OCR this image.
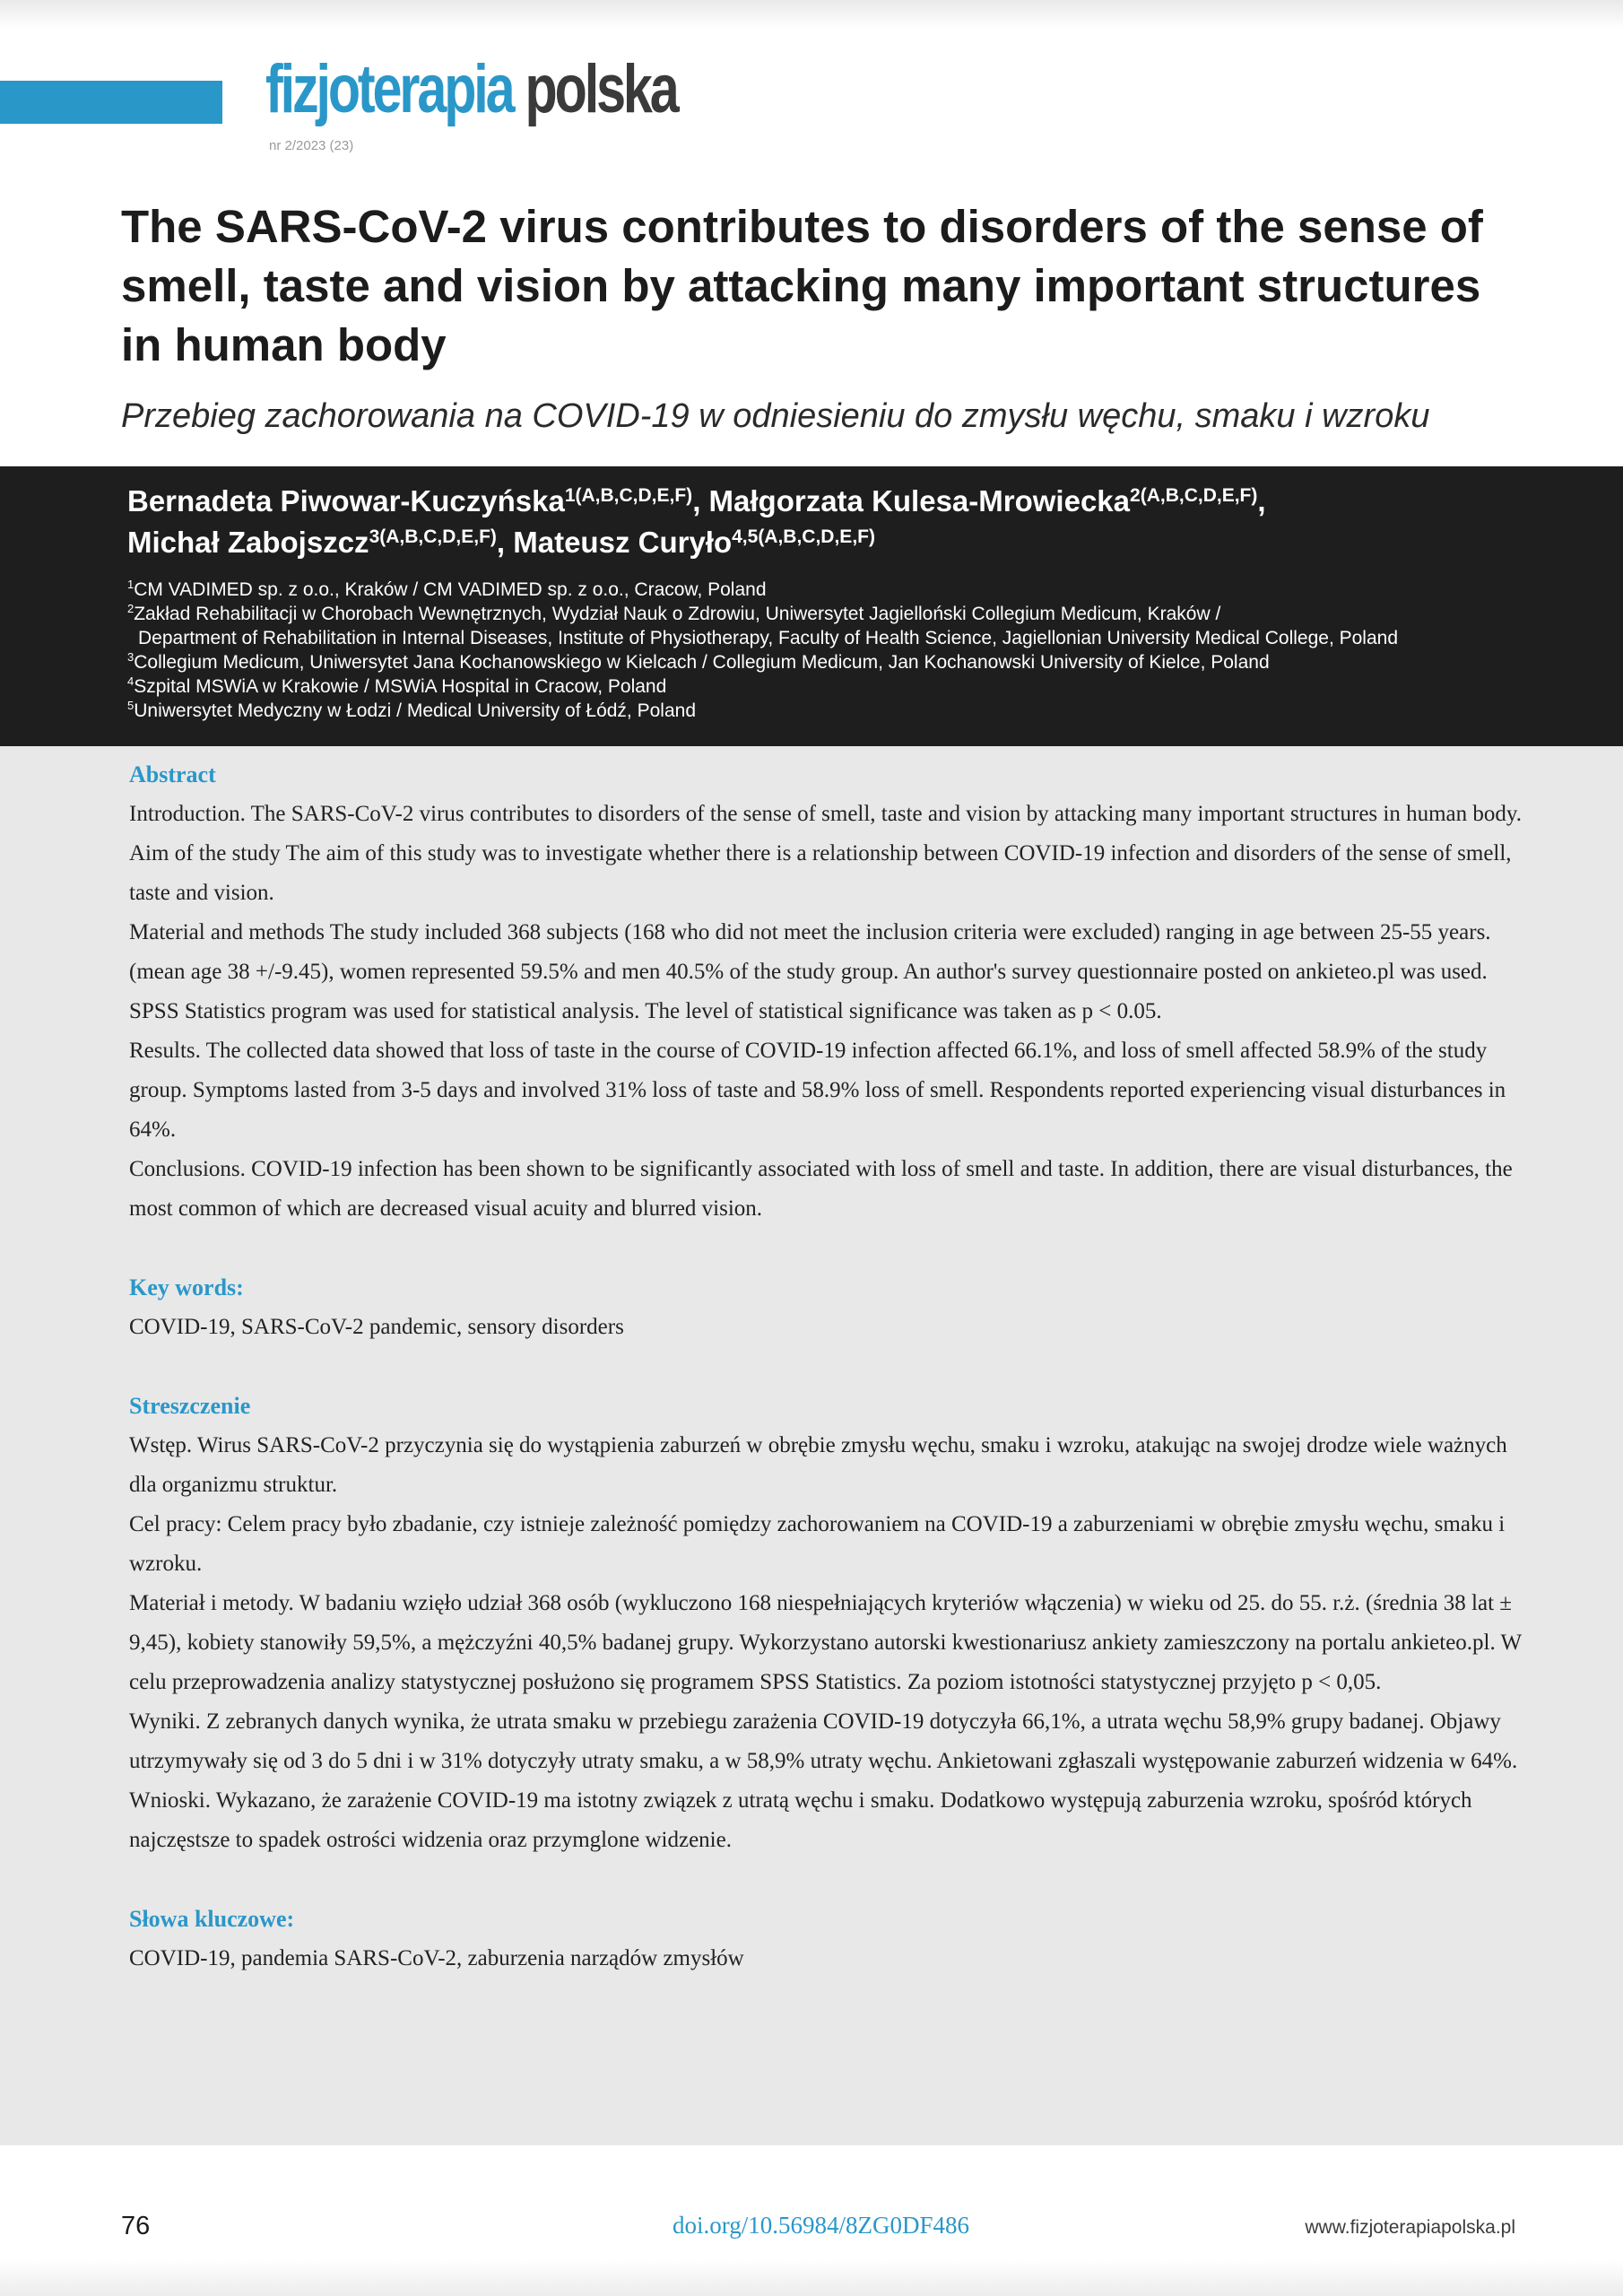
fizjoterapia polska
nr 2/2023 (23)
The SARS-CoV-2 virus contributes to disorders of the sense of smell, taste and vision by attacking many important structures in human body

Przebieg zachorowania na COVID-19 w odniesieniu do zmysłu węchu, smaku i wzroku

Bernadeta Piwowar-Kuczyńska$^{1(A,B,C,D,E,F)}$, Małgorzata Kulesa-Mrowiecka$^{2(A,B,C,D,E,F)}$,
Michał Zabojszcz$^{3(A,B,C,D,E,F)}$, Mateusz Curyło$^{4,5(A,B,C,D,E,F)}$
$^1$CM VADIMED sp. z o.o., Kraków / CM VADIMED sp. z o.o., Cracow, Poland
$^2$Zakład Rehabilitacji w Chorobach Wewnętrznych, Wydział Nauk o Zdrowiu, Uniwersytet Jagielloński Collegium Medicum, Kraków /
Department of Rehabilitation in Internal Diseases, Institute of Physiotherapy, Faculty of Health Science, Jagiellonian University Medical College, Poland
$^3$Collegium Medicum, Uniwersytet Jana Kochanowskiego w Kielcach / Collegium Medicum, Jan Kochanowski University of Kielce, Poland
$^4$Szpital MSWiA w Krakowie / MSWiA Hospital in Cracow, Poland
$^5$Uniwersytet Medyczny w Łodzi / Medical University of Łódź, Poland

Abstract

Introduction. The SARS-CoV-2 virus contributes to disorders of the sense of smell, taste and vision by attacking many important structures in human body.

Aim of the study The aim of this study was to investigate whether there is a relationship between COVID-19 infection and disorders of the sense of smell, taste and vision.

Material and methods The study included 368 subjects (168 who did not meet the inclusion criteria were excluded) ranging in age between 25-55 years. (mean age 38 +/-9.45), women represented 59.5% and men 40.5% of the study group. An author's survey questionnaire posted on ankieteo.pl was used. SPSS Statistics program was used for statistical analysis. The level of statistical significance was taken as p < 0.05.

Results. The collected data showed that loss of taste in the course of COVID-19 infection affected 66.1%, and loss of smell affected 58.9% of the study group. Symptoms lasted from 3-5 days and involved 31% loss of taste and 58.9% loss of smell. Respondents reported experiencing visual disturbances in 64%.

Conclusions. COVID-19 infection has been shown to be significantly associated with loss of smell and taste. In addition, there are visual disturbances, the most common of which are decreased visual acuity and blurred vision.

Key words:

COVID-19, SARS-CoV-2 pandemic, sensory disorders

Streszczenie

Wstęp. Wirus SARS-CoV-2 przyczynia się do wystąpienia zaburzeń w obrębie zmysłu węchu, smaku i wzroku, atakując na swojej drodze wiele ważnych dla organizmu struktur.

Cel pracy: Celem pracy było zbadanie, czy istnieje zależność pomiędzy zachorowaniem na COVID-19 a zaburzeniami w obrębie zmysłu węchu, smaku i wzroku.

Materiał i metody. W badaniu wzięło udział 368 osób (wykluczono 168 niespełniających kryteriów włączenia) w wieku od 25. do 55. r.ż. (średnia 38 lat ± 9,45), kobiety stanowiły 59,5%, a mężczyźni 40,5% badanej grupy. Wykorzystano autorski kwestionariusz ankiety zamieszczony na portalu ankieteo.pl. W celu przeprowadzenia analizy statystycznej posłużono się programem SPSS Statistics. Za poziom istotności statystycznej przyjęto p < 0,05.

Wyniki. Z zebranych danych wynika, że utrata smaku w przebiegu zarażenia COVID-19 dotyczyła 66,1%, a utrata węchu 58,9% grupy badanej. Objawy utrzymywały się od 3 do 5 dni i w 31% dotyczyły utraty smaku, a w 58,9% utraty węchu. Ankietowani zgłaszali występowanie zaburzeń widzenia w 64%.

Wnioski. Wykazano, że zarażenie COVID-19 ma istotny związek z utratą węchu i smaku. Dodatkowo występują zaburzenia wzroku, spośród których najczęstsze to spadek ostrości widzenia oraz przymglone widzenie.

Słowa kluczowe:

COVID-19, pandemia SARS-CoV-2, zaburzenia narządów zmysłów

76	doi.org/10.56984/8ZG0DF486	www.fizjoterapiapolska.pl
